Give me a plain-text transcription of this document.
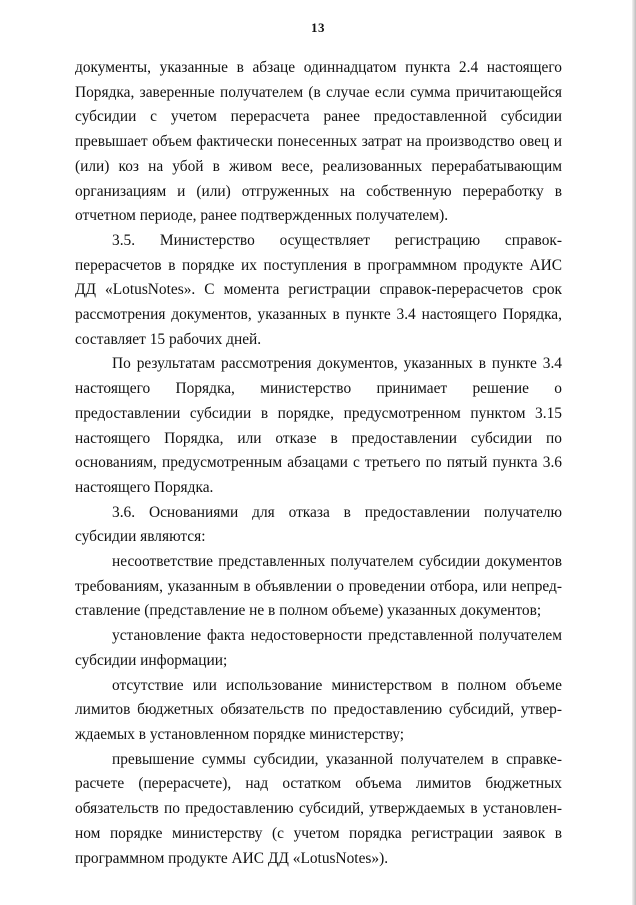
13

документы, указанные в абзаце одиннадцатом пункта 2.4 настоящего Порядка, заверенные получателем (в случае если сумма причитающейся субсидии с учетом перерасчета ранее предоставленной субсидии превышает объем фактически понесенных затрат на производство овец и (или) коз на убой в живом весе, реализованных перерабатывающим организациям и (или) отгруженных на собственную переработку в отчетном периоде, ранее подтвержденных получателем).

3.5. Министерство осуществляет регистрацию справок-перерасчетов в порядке их поступления в программном продукте АИС ДД «LotusNotes». С момента регистрации справок-перерасчетов срок рассмотрения документов, указанных в пункте 3.4 настоящего Порядка, составляет 15 рабочих дней.

По результатам рассмотрения документов, указанных в пункте 3.4 настоящего Порядка, министерство принимает решение о предоставлении субсидии в порядке, предусмотренном пунктом 3.15 настоящего Порядка, или отказе в предоставлении субсидии по основаниям, предусмотренным абзацами с третьего по пятый пункта 3.6 настоящего Порядка.

3.6. Основаниями для отказа в предоставлении получателю субсидии являются:

несоответствие представленных получателем субсидии документов требованиям, указанным в объявлении о проведении отбора, или непредставление (представление не в полном объеме) указанных документов;

установление факта недостоверности представленной получателем субсидии информации;

отсутствие или использование министерством в полном объеме лимитов бюджетных обязательств по предоставлению субсидий, утверждаемых в установленном порядке министерству;

превышение суммы субсидии, указанной получателем в справке-расчете (перерасчете), над остатком объема лимитов бюджетных обязательств по предоставлению субсидий, утверждаемых в установленном порядке министерству (с учетом порядка регистрации заявок в программном продукте АИС ДД «LotusNotes»).
